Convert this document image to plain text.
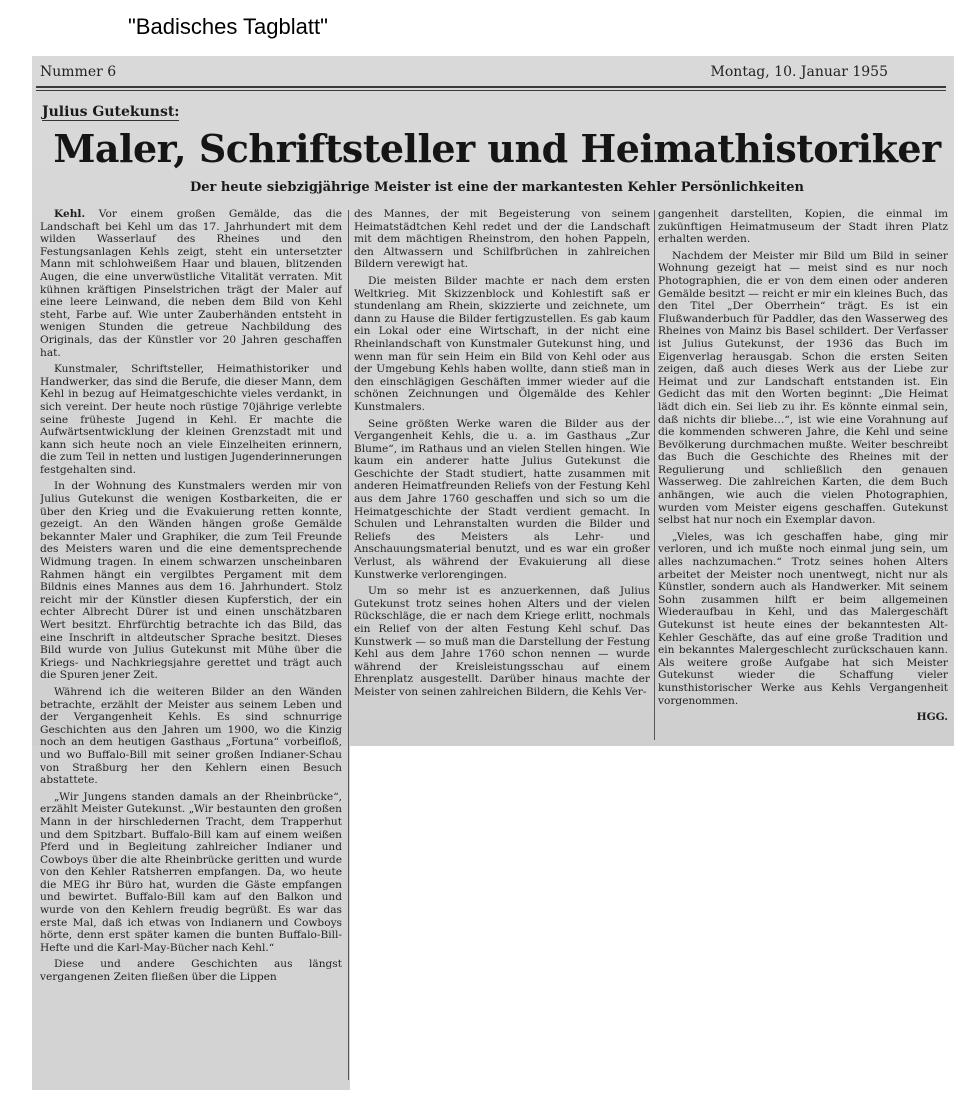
"Badisches Tagblatt"
Nummer 6	Montag, 10. Januar 1955
Julius Gutekunst:
Maler, Schriftsteller und Heimathistoriker
Der heute siebzigjährige Meister ist eine der markantesten Kehler Persönlichkeiten

Kehl. Vor einem großen Gemälde, das die Landschaft bei Kehl um das 17. Jahrhundert mit dem wilden Wasserlauf des Rheines und den Festungsanlagen Kehls zeigt, steht ein untersetzter Mann mit schlohweißem Haar und blauen, blitzenden Augen, die eine unverwüstliche Vitalität verraten. Mit kühnen kräftigen Pinselstrichen trägt der Maler auf eine leere Leinwand, die neben dem Bild von Kehl steht, Farbe auf. Wie unter Zauberhänden entsteht in wenigen Stunden die getreue Nachbildung des Originals, das der Künstler vor 20 Jahren geschaffen hat.

Kunstmaler, Schriftsteller, Heimathistoriker und Handwerker, das sind die Berufe, die dieser Mann, dem Kehl in bezug auf Heimatgeschichte vieles verdankt, in sich vereint. Der heute noch rüstige 70jährige verlebte seine früheste Jugend in Kehl. Er machte die Aufwärtsentwicklung der kleinen Grenzstadt mit und kann sich heute noch an viele Einzelheiten erinnern, die zum Teil in netten und lustigen Jugenderinnerungen festgehalten sind.

In der Wohnung des Kunstmalers werden mir von Julius Gutekunst die wenigen Kostbarkeiten, die er über den Krieg und die Evakuierung retten konnte, gezeigt. An den Wänden hängen große Gemälde bekannter Maler und Graphiker, die zum Teil Freunde des Meisters waren und die eine dementsprechende Widmung tragen. In einem schwarzen unscheinbaren Rahmen hängt ein vergilbtes Pergament mit dem Bildnis eines Mannes aus dem 16. Jahrhundert. Stolz reicht mir der Künstler diesen Kupferstich, der ein echter Albrecht Dürer ist und einen unschätzbaren Wert besitzt. Ehrfürchtig betrachte ich das Bild, das eine Inschrift in altdeutscher Sprache besitzt. Dieses Bild wurde von Julius Gutekunst mit Mühe über die Kriegs- und Nachkriegsjahre gerettet und trägt auch die Spuren jener Zeit.

Während ich die weiteren Bilder an den Wänden betrachte, erzählt der Meister aus seinem Leben und der Vergangenheit Kehls. Es sind schnurrige Geschichten aus den Jahren um 1900, wo die Kinzig noch an dem heutigen Gasthaus „Fortuna“ vorbeifloß, und wo Buffalo-Bill mit seiner großen Indianer-Schau von Straßburg her den Kehlern einen Besuch abstattete.

„Wir Jungens standen damals an der Rheinbrücke“, erzählt Meister Gutekunst. „Wir bestaunten den großen Mann in der hirschledernen Tracht, dem Trapperhut und dem Spitzbart. Buffalo-Bill kam auf einem weißen Pferd und in Begleitung zahlreicher Indianer und Cowboys über die alte Rheinbrücke geritten und wurde von den Kehler Ratsherren empfangen. Da, wo heute die MEG ihr Büro hat, wurden die Gäste empfangen und bewirtet. Buffalo-Bill kam auf den Balkon und wurde von den Kehlern freudig begrüßt. Es war das erste Mal, daß ich etwas von Indianern und Cowboys hörte, denn erst später kamen die bunten Buffalo-Bill-Hefte und die Karl-May-Bücher nach Kehl.“

Diese und andere Geschichten aus längst vergangenen Zeiten fließen über die Lippen

des Mannes, der mit Begeisterung von seinem Heimatstädtchen Kehl redet und der die Landschaft mit dem mächtigen Rheinstrom, den hohen Pappeln, den Altwassern und Schilfbrüchen in zahlreichen Bildern verewigt hat.

Die meisten Bilder machte er nach dem ersten Weltkrieg. Mit Skizzenblock und Kohlestift saß er stundenlang am Rhein, skizzierte und zeichnete, um dann zu Hause die Bilder fertigzustellen. Es gab kaum ein Lokal oder eine Wirtschaft, in der nicht eine Rheinlandschaft von Kunstmaler Gutekunst hing, und wenn man für sein Heim ein Bild von Kehl oder aus der Umgebung Kehls haben wollte, dann stieß man in den einschlägigen Geschäften immer wieder auf die schönen Zeichnungen und Ölgemälde des Kehler Kunstmalers.

Seine größten Werke waren die Bilder aus der Vergangenheit Kehls, die u. a. im Gasthaus „Zur Blume“, im Rathaus und an vielen Stellen hingen. Wie kaum ein anderer hatte Julius Gutekunst die Geschichte der Stadt studiert, hatte zusammen mit anderen Heimatfreunden Reliefs von der Festung Kehl aus dem Jahre 1760 geschaffen und sich so um die Heimatgeschichte der Stadt verdient gemacht. In Schulen und Lehranstalten wurden die Bilder und Reliefs des Meisters als Lehr- und Anschauungsmaterial benutzt, und es war ein großer Verlust, als während der Evakuierung all diese Kunstwerke verlorengingen.

Um so mehr ist es anzuerkennen, daß Julius Gutekunst trotz seines hohen Alters und der vielen Rückschläge, die er nach dem Kriege erlitt, nochmals ein Relief von der alten Festung Kehl schuf. Das Kunstwerk — so muß man die Darstellung der Festung Kehl aus dem Jahre 1760 schon nennen — wurde während der Kreisleistungsschau auf einem Ehrenplatz ausgestellt. Darüber hinaus machte der Meister von seinen zahlreichen Bildern, die Kehls Ver-

gangenheit darstellten, Kopien, die einmal im zukünftigen Heimatmuseum der Stadt ihren Platz erhalten werden.

Nachdem der Meister mir Bild um Bild in seiner Wohnung gezeigt hat — meist sind es nur noch Photographien, die er von dem einen oder anderen Gemälde besitzt — reicht er mir ein kleines Buch, das den Titel „Der Oberrhein“ trägt. Es ist ein Flußwanderbuch für Paddler, das den Wasserweg des Rheines von Mainz bis Basel schildert. Der Verfasser ist Julius Gutekunst, der 1936 das Buch im Eigenverlag herausgab. Schon die ersten Seiten zeigen, daß auch dieses Werk aus der Liebe zur Heimat und zur Landschaft entstanden ist. Ein Gedicht das mit den Worten beginnt: „Die Heimat lädt dich ein. Sei lieb zu ihr. Es könnte einmal sein, daß nichts dir bliebe…“, ist wie eine Vorahnung auf die kommenden schweren Jahre, die Kehl und seine Bevölkerung durchmachen mußte. Weiter beschreibt das Buch die Geschichte des Rheines mit der Regulierung und schließlich den genauen Wasserweg. Die zahlreichen Karten, die dem Buch anhängen, wie auch die vielen Photographien, wurden vom Meister eigens geschaffen. Gutekunst selbst hat nur noch ein Exemplar davon.

„Vieles, was ich geschaffen habe, ging mir verloren, und ich mußte noch einmal jung sein, um alles nachzumachen.“ Trotz seines hohen Alters arbeitet der Meister noch unentwegt, nicht nur als Künstler, sondern auch als Handwerker. Mit seinem Sohn zusammen hilft er beim allgemeinen Wiederaufbau in Kehl, und das Malergeschäft Gutekunst ist heute eines der bekanntesten Alt-Kehler Geschäfte, das auf eine große Tradition und ein bekanntes Malergeschlecht zurückschauen kann. Als weitere große Aufgabe hat sich Meister Gutekunst wieder die Schaffung vieler kunsthistorischer Werke aus Kehls Vergangenheit vorgenommen.

HGG.
